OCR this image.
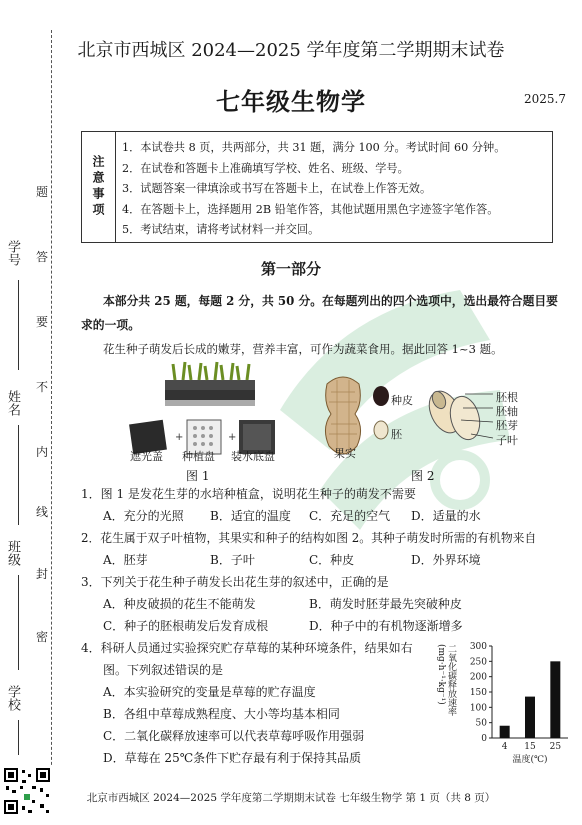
题
答
要
不
内
线
封
密
学号
姓名
班级
学校
北京市西城区 2024—2025 学年度第二学期期末试卷
七年级生物学	2025.7
注意事项
1．本试卷共 8 页，共两部分，共 31 题，满分 100 分。考试时间 60 分钟。
2．在试卷和答题卡上准确填写学校、姓名、班级、学号。
3．试题答案一律填涂或书写在答题卡上，在试卷上作答无效。
4．在答题卡上，选择题用 2B 铅笔作答，其他试题用黑色字迹签字笔作答。
5．考试结束，请将考试材料一并交回。
第一部分
本部分共 25 题，每题 2 分，共 50 分。在每题列出的四个选项中，选出最符合题目要
求的一项。
花生种子萌发后长成的嫩芽，营养丰富，可作为蔬菜食用。据此回答 1~3 题。
+	+
遮光盖 种植盘 装水底盘
图 1
种皮
胚
果实
胚根
胚轴
胚芽
子叶
图 2
1．图 1 是发花生芽的水培种植盒，说明花生种子的萌发不需要
A．充分的光照 B．适宜的温度 C．充足的空气 D．适量的水
2．花生属于双子叶植物，其果实和种子的结构如图 2。其种子萌发时所需的有机物来自
A．胚芽	B．子叶	C．种皮	D．外界环境
3．下列关于花生种子萌发长出花生芽的叙述中，正确的是
A．种皮破损的花生不能萌发	B．萌发时胚芽最先突破种皮
C．种子的胚根萌发后发育成根	D．种子中的有机物逐渐增多
4．科研人员通过实验探究贮存草莓的某种环境条件，结果如右
图。下列叙述错误的是
A．本实验研究的变量是草莓的贮存温度
B．各组中草莓成熟程度、大小等均基本相同
C．二氧化碳释放速率可以代表草莓呼吸作用强弱
D．草莓在 25℃条件下贮存最有利于保持其品质
0
50
100
150
200
250
300
4 15 25
温度(℃)
二氧化碳释放速率 (mg·h⁻¹·kg⁻¹)
北京市西城区 2024—2025 学年度第二学期期末试卷 七年级生物学 第 1 页（共 8 页）
